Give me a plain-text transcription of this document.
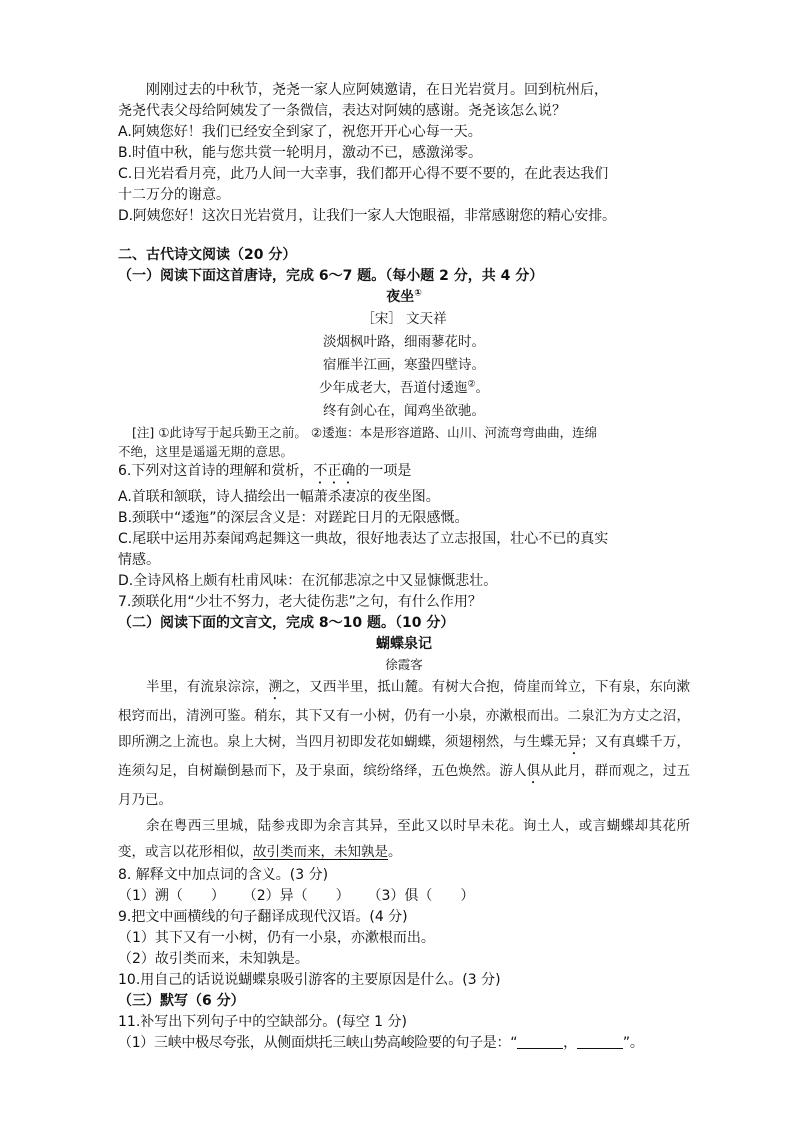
刚刚过去的中秋节，尧尧一家人应阿姨邀请，在日光岩赏月。回到杭州后，
尧尧代表父母给阿姨发了一条微信，表达对阿姨的感谢。尧尧该怎么说？
A.阿姨您好！我们已经安全到家了，祝您开开心心每一天。
B.时值中秋，能与您共赏一轮明月，激动不已，感激涕零。
C.日光岩看月亮，此乃人间一大幸事，我们都开心得不要不要的，在此表达我们
十二万分的谢意。
D.阿姨您好！这次日光岩赏月，让我们一家人大饱眼福，非常感谢您的精心安排。
二、古代诗文阅读（20 分）
（一）阅读下面这首唐诗，完成 6～7 题。（每小题 2 分，共 4 分）
夜坐①
［宋］ 文天祥
淡烟枫叶路，细雨蓼花时。
宿雁半江画，寒蛩四壁诗。
少年成老大，吾道付逶迤②。
终有剑心在，闻鸡坐欲驰。
[注] ①此诗写于起兵勤王之前。 ②逶迤：本是形容道路、山川、河流弯弯曲曲，连绵
不绝，这里是遥遥无期的意思。
6.下列对这首诗的理解和赏析，不正确的一项是
A.首联和颔联，诗人描绘出一幅萧杀凄凉的夜坐图。
B.颈联中“逶迤”的深层含义是：对蹉跎日月的无限感慨。
C.尾联中运用苏秦闻鸡起舞这一典故，很好地表达了立志报国，壮心不已的真实
情感。
D.全诗风格上颇有杜甫风味：在沉郁悲凉之中又显慷慨悲壮。
7.颈联化用“少壮不努力，老大徒伤悲”之句，有什么作用？
（二）阅读下面的文言文，完成 8～10 题。（10 分）
蝴蝶泉记
徐霞客
半里，有流泉淙淙，溯之，又西半里，抵山麓。有树大合抱，倚崖而耸立，下有泉，东向漱根窍而出，清洌可鉴。稍东，其下又有一小树，仍有一小泉，亦漱根而出。二泉汇为方丈之沼，即所溯之上流也。泉上大树，当四月初即发花如蝴蝶，须翅栩然，与生蝶无异；又有真蝶千万，连须勾足，自树巅倒悬而下，及于泉面，缤纷络绎，五色焕然。游人俱从此月，群而观之，过五月乃已。
余在粤西三里城，陆参戎即为余言其异，至此又以时早未花。询土人，或言蝴蝶却其花所变，或言以花形相似，故引类而来，未知孰是。
8. 解释文中加点词的含义。(3 分)
（1）溯（ ） （2）异（ ） （3）俱（ ）
9.把文中画横线的句子翻译成现代汉语。(4 分)
（1）其下又有一小树，仍有一小泉，亦漱根而出。
（2）故引类而来，未知孰是。
10.用自己的话说说蝴蝶泉吸引游客的主要原因是什么。(3 分)
（三）默写（6 分）
11.补写出下列句子中的空缺部分。(每空 1 分)
（1）三峡中极尽夸张，从侧面烘托三峡山势高峻险要的句子是：“	，	”。
